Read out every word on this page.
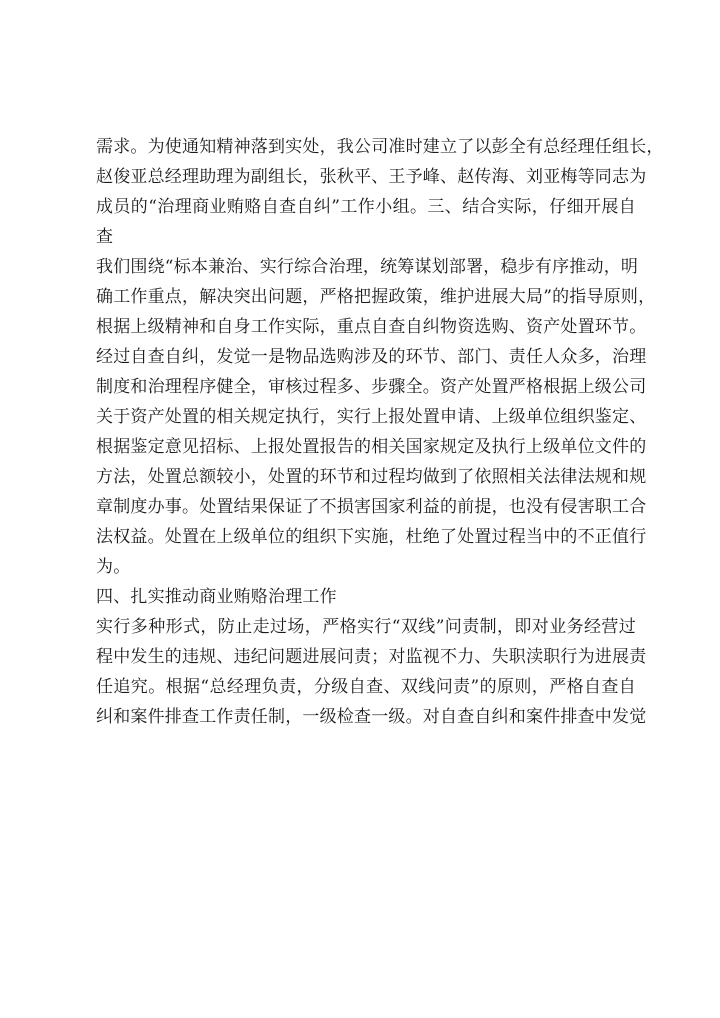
需求。为使通知精神落到实处，我公司准时建立了以彭全有总经理任组长，
赵俊亚总经理助理为副组长，张秋平、王予峰、赵传海、刘亚梅等同志为
成员的“治理商业贿赂自查自纠”工作小组。三、结合实际，仔细开展自
查

我们围绕“标本兼治、实行综合治理，统筹谋划部署，稳步有序推动，明
确工作重点，解决突出问题，严格把握政策，维护进展大局”的指导原则，
根据上级精神和自身工作实际，重点自查自纠物资选购、资产处置环节。
经过自查自纠，发觉一是物品选购涉及的环节、部门、责任人众多，治理
制度和治理程序健全，审核过程多、步骤全。资产处置严格根据上级公司
关于资产处置的相关规定执行，实行上报处置申请、上级单位组织鉴定、
根据鉴定意见招标、上报处置报告的相关国家规定及执行上级单位文件的
方法，处置总额较小，处置的环节和过程均做到了依照相关法律法规和规
章制度办事。处置结果保证了不损害国家利益的前提，也没有侵害职工合
法权益。处置在上级单位的组织下实施，杜绝了处置过程当中的不正值行
为。

四、扎实推动商业贿赂治理工作

实行多种形式，防止走过场，严格实行“双线”问责制，即对业务经营过
程中发生的违规、违纪问题进展问责；对监视不力、失职渎职行为进展责
任追究。根据“总经理负责，分级自查、双线问责”的原则，严格自查自
纠和案件排查工作责任制，一级检查一级。对自查自纠和案件排查中发觉
